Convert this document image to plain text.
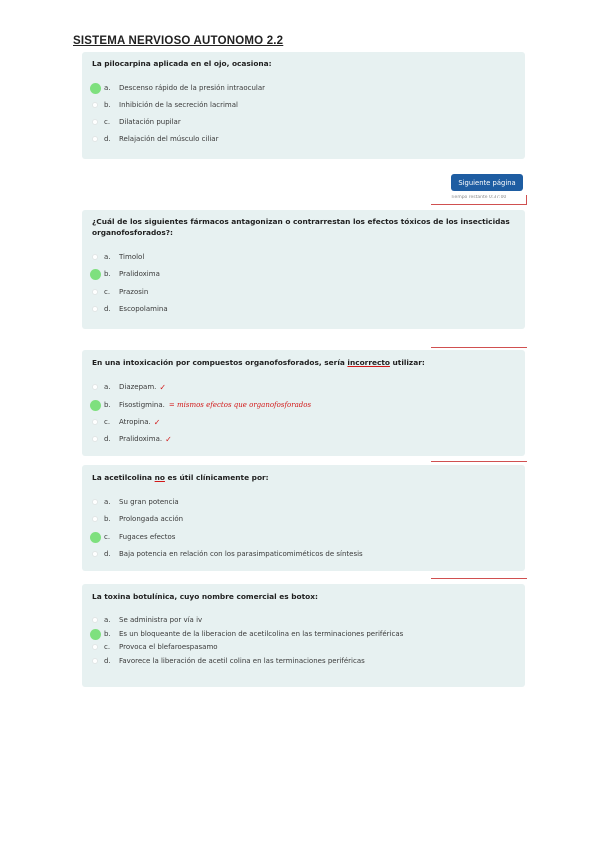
SISTEMA NERVIOSO AUTONOMO 2.2
La pilocarpina aplicada en el ojo, ocasiona:
a.	Descenso rápido de la presión intraocular
b.	Inhibición de la secreción lacrimal
c.	Dilatación pupilar
d.	Relajación del músculo ciliar
Siguiente página
Tiempo restante 0:37:00
¿Cuál de los siguientes fármacos antagonizan o contrarrestan los efectos tóxicos de los insecticidas organofosforados?:
a.	Timolol
b.	Pralidoxima
c.	Prazosin
d.	Escopolamina
En una intoxicación por compuestos organofosforados, sería incorrecto utilizar:
a.	Diazepam. ✓
b.	Fisostigmina. = mismos efectos que organofosforados
c.	Atropina. ✓
d.	Pralidoxima. ✓
La acetilcolina no es útil clínicamente por:
a.	Su gran potencia
b.	Prolongada acción
c.	Fugaces efectos
d.	Baja potencia en relación con los parasimpaticomiméticos de síntesis
La toxina botulínica, cuyo nombre comercial es botox:
a.	Se administra por vía iv
b.	Es un bloqueante de la liberacion de acetilcolina en las terminaciones periféricas
c.	Provoca el blefaroespasamo
d.	Favorece la liberación de acetil colina en las terminaciones periféricas
